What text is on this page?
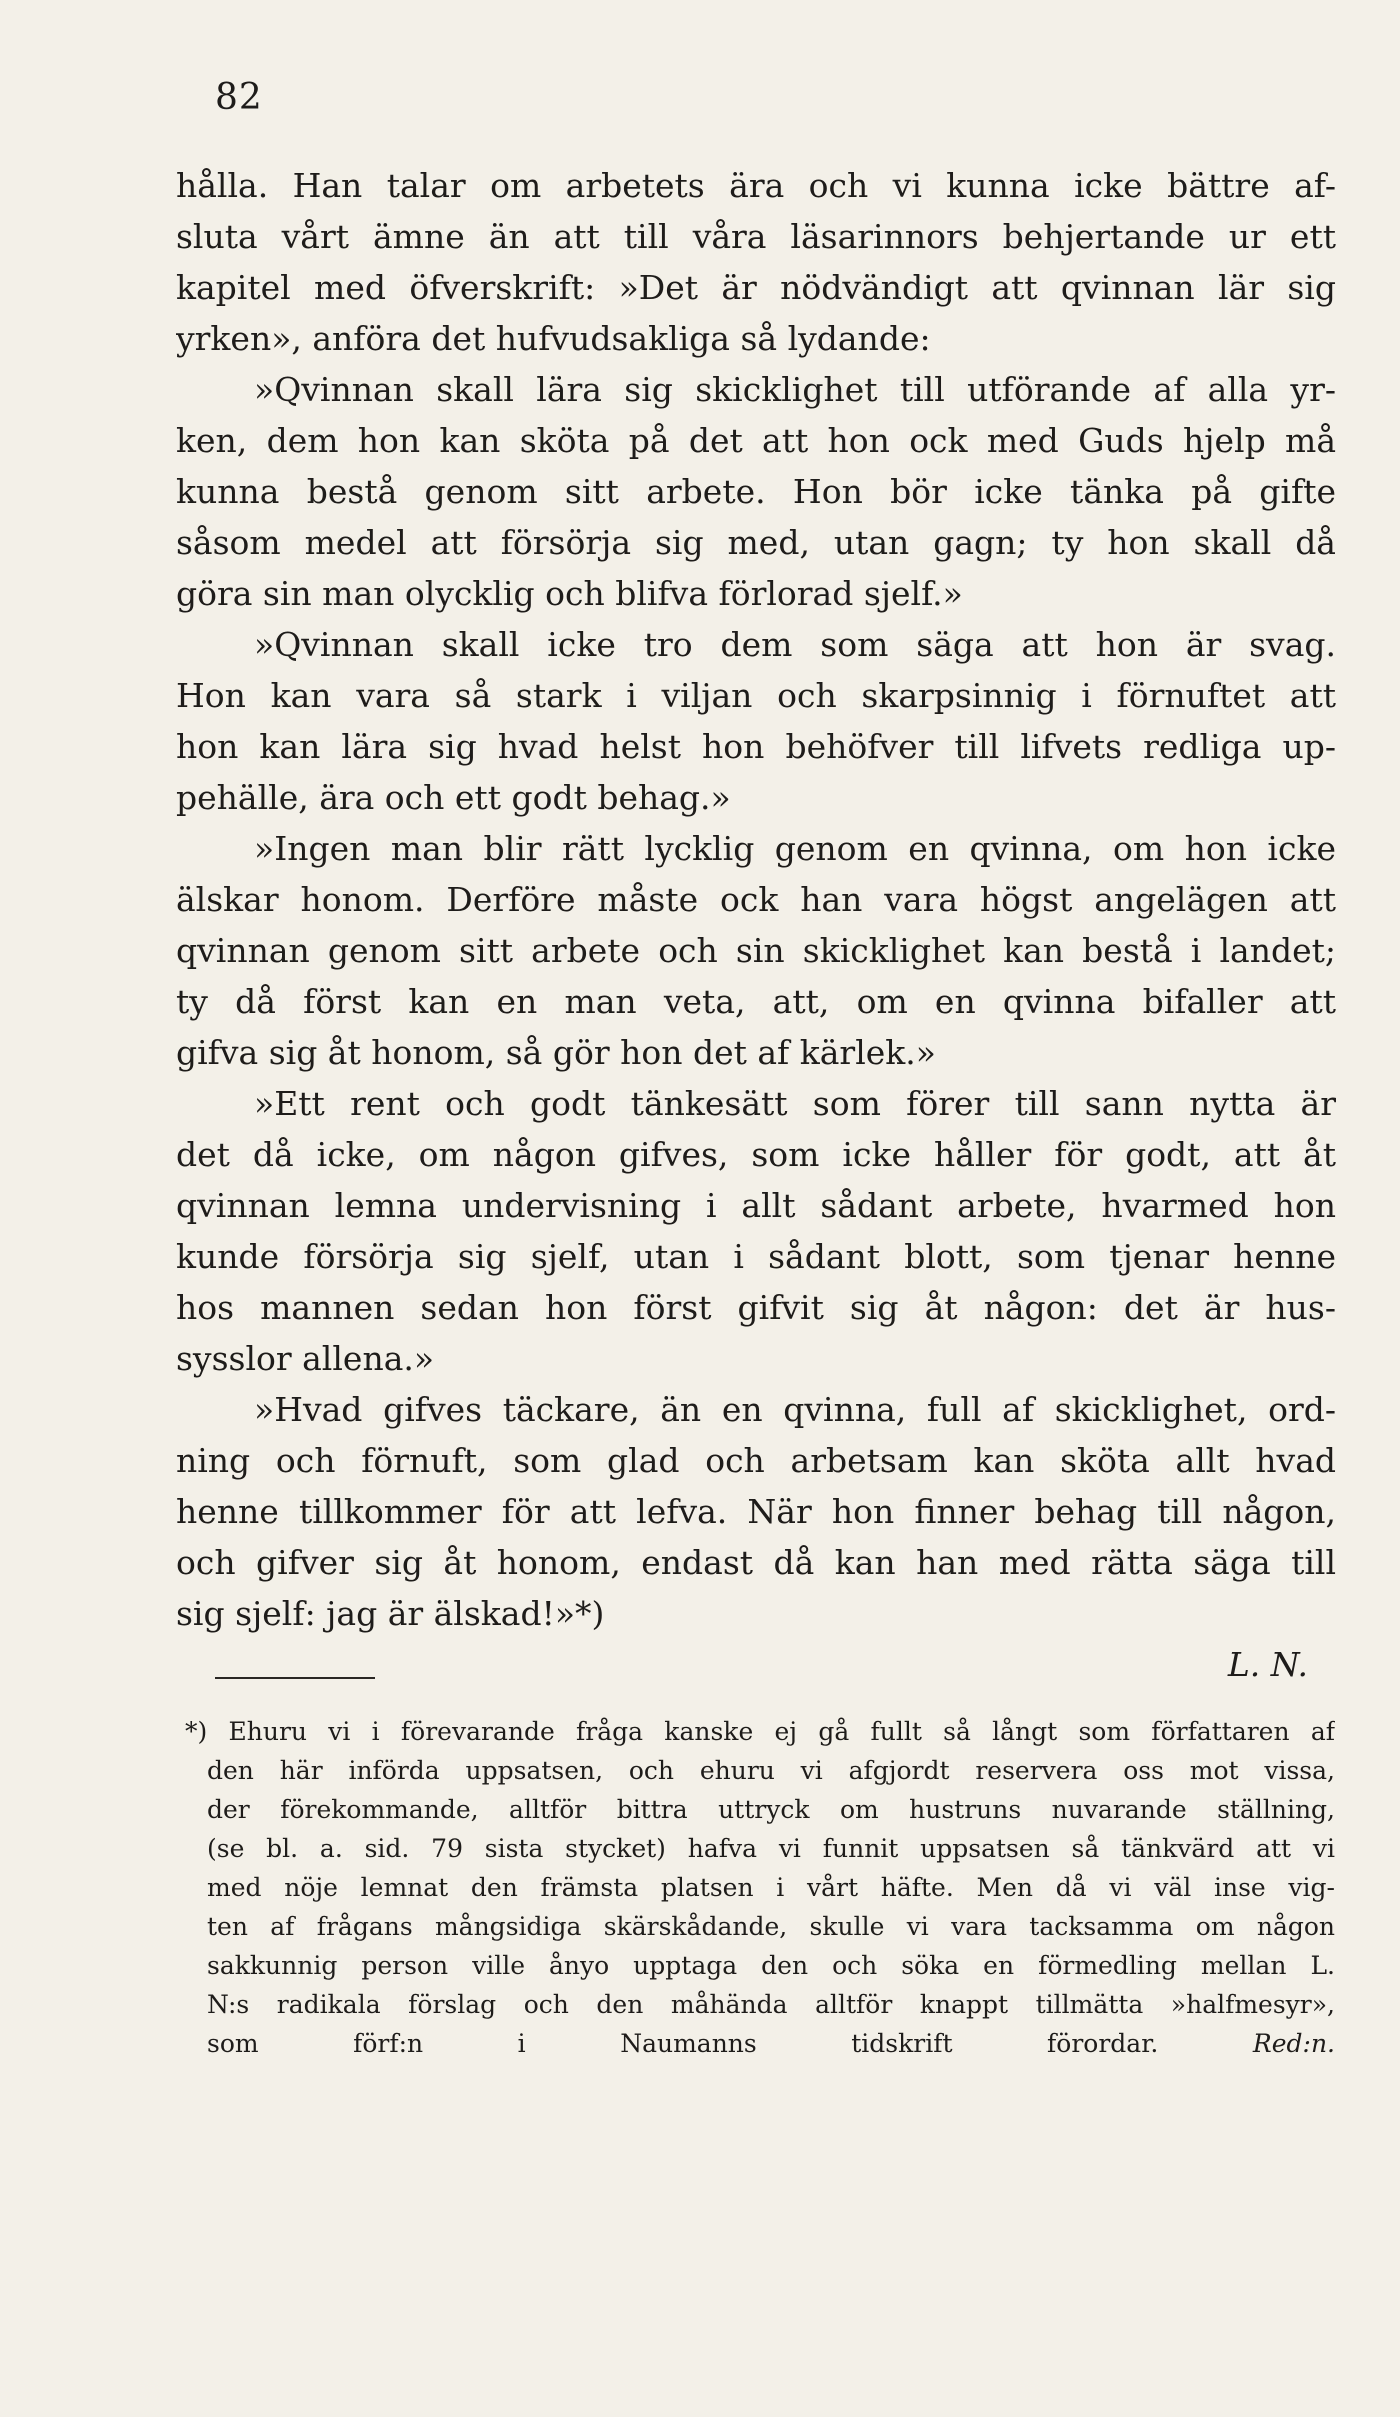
82
hålla. Han talar om arbetets ära och vi kunna icke bättre af-
sluta vårt ämne än att till våra läsarinnors behjertande ur ett
kapitel med öfverskrift: »Det är nödvändigt att qvinnan lär sig
yrken», anföra det hufvudsakliga så lydande:
»Qvinnan skall lära sig skicklighet till utförande af alla yr-
ken, dem hon kan sköta på det att hon ock med Guds hjelp må
kunna bestå genom sitt arbete. Hon bör icke tänka på gifte
såsom medel att försörja sig med, utan gagn; ty hon skall då
göra sin man olycklig och blifva förlorad sjelf.»
»Qvinnan skall icke tro dem som säga att hon är svag.
Hon kan vara så stark i viljan och skarpsinnig i förnuftet att
hon kan lära sig hvad helst hon behöfver till lifvets redliga up-
pehälle, ära och ett godt behag.»
»Ingen man blir rätt lycklig genom en qvinna, om hon icke
älskar honom. Derföre måste ock han vara högst angelägen att
qvinnan genom sitt arbete och sin skicklighet kan bestå i landet;
ty då först kan en man veta, att, om en qvinna bifaller att
gifva sig åt honom, så gör hon det af kärlek.»
»Ett rent och godt tänkesätt som förer till sann nytta är
det då icke, om någon gifves, som icke håller för godt, att åt
qvinnan lemna undervisning i allt sådant arbete, hvarmed hon
kunde försörja sig sjelf, utan i sådant blott, som tjenar henne
hos mannen sedan hon först gifvit sig åt någon: det är hus-
sysslor allena.»
»Hvad gifves täckare, än en qvinna, full af skicklighet, ord-
ning och förnuft, som glad och arbetsam kan sköta allt hvad
henne tillkommer för att lefva. När hon finner behag till någon,
och gifver sig åt honom, endast då kan han med rätta säga till
sig sjelf: jag är älskad!»*)
L. N.
*) Ehuru vi i förevarande fråga kanske ej gå fullt så långt som författaren af
den här införda uppsatsen, och ehuru vi afgjordt reservera oss mot vissa,
der förekommande, alltför bittra uttryck om hustruns nuvarande ställning,
(se bl. a. sid. 79 sista stycket) hafva vi funnit uppsatsen så tänkvärd att vi
med nöje lemnat den främsta platsen i vårt häfte. Men då vi väl inse vig-
ten af frågans mångsidiga skärskådande, skulle vi vara tacksamma om någon
sakkunnig person ville ånyo upptaga den och söka en förmedling mellan L.
N:s radikala förslag och den måhända alltför knappt tillmätta »halfmesyr»,
som förf:n i Naumanns tidskrift förordar.	Red:n.
